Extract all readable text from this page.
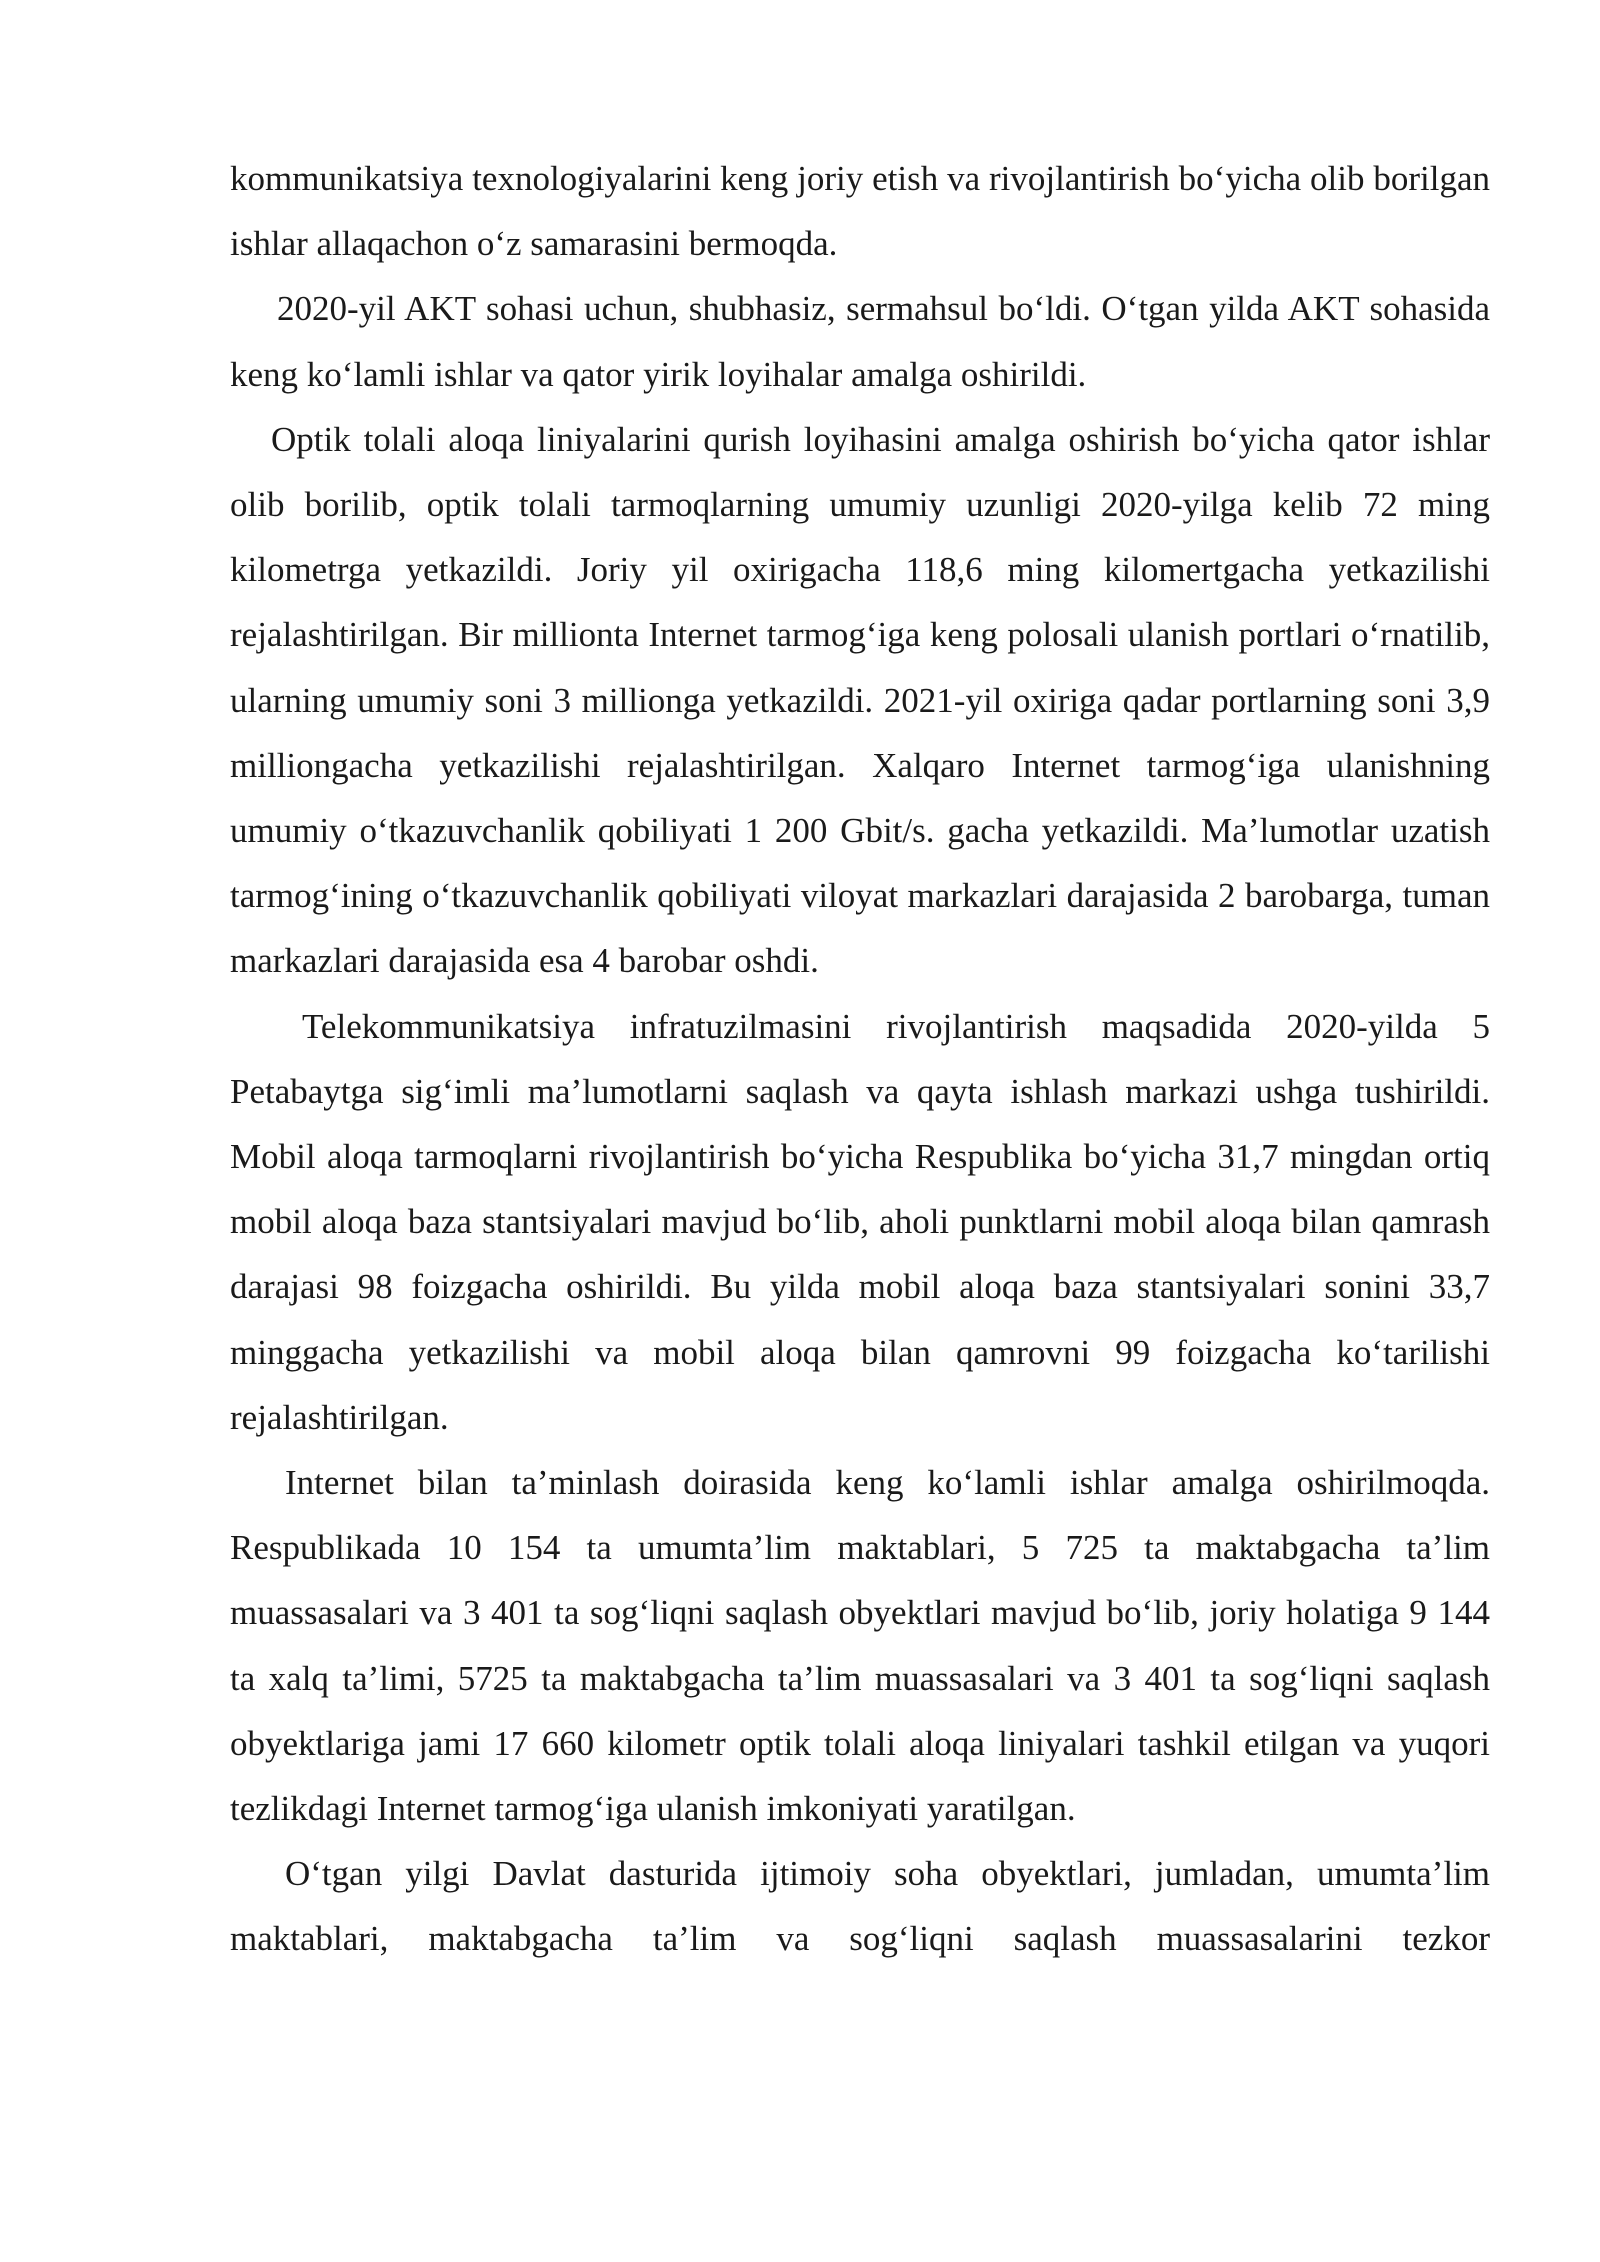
kommunikatsiya texnologiyalarini keng joriy etish va rivojlantirish bo‘yicha olib borilgan ishlar allaqachon o‘z samarasini bermoqda.

2020-yil AKT sohasi uchun, shubhasiz, sermahsul bo‘ldi. O‘tgan yilda AKT sohasida keng ko‘lamli ishlar va qator yirik loyihalar amalga oshirildi.

Optik tolali aloqa liniyalarini qurish loyihasini amalga oshirish bo‘yicha qator ishlar olib borilib, optik tolali tarmoqlarning umumiy uzunligi 2020-yilga kelib 72 ming kilometrga yetkazildi. Joriy yil oxirigacha 118,6 ming kilomertgacha yetkazilishi rejalashtirilgan. Bir millionta Internet tarmog‘iga keng polosali ulanish portlari o‘rnatilib, ularning umumiy soni 3 millionga yetkazildi. 2021-yil oxiriga qadar portlarning soni 3,9 milliongacha yetkazilishi rejalashtirilgan. Xalqaro Internet tarmog‘iga ulanishning umumiy o‘tkazuvchanlik qobiliyati 1 200 Gbit/s. gacha yetkazildi. Ma’lumotlar uzatish tarmog‘ining o‘tkazuvchanlik qobiliyati viloyat markazlari darajasida 2 barobarga, tuman markazlari darajasida esa 4 barobar oshdi.

Telekommunikatsiya infratuzilmasini rivojlantirish maqsadida 2020-yilda 5 Petabaytga sig‘imli ma’lumotlarni saqlash va qayta ishlash markazi ushga tushirildi. Mobil aloqa tarmoqlarni rivojlantirish bo‘yicha Respublika bo‘yicha 31,7 mingdan ortiq mobil aloqa baza stantsiyalari mavjud bo‘lib, aholi punktlarni mobil aloqa bilan qamrash darajasi 98 foizgacha oshirildi. Bu yilda mobil aloqa baza stantsiyalari sonini 33,7 minggacha yetkazilishi va mobil aloqa bilan qamrovni 99 foizgacha ko‘tarilishi rejalashtirilgan.

Internet bilan ta’minlash doirasida keng ko‘lamli ishlar amalga oshirilmoqda. Respublikada 10 154 ta umumta’lim maktablari, 5 725 ta maktabgacha ta’lim muassasalari va 3 401 ta sog‘liqni saqlash obyektlari mavjud bo‘lib, joriy holatiga 9 144 ta xalq ta’limi, 5725 ta maktabgacha ta’lim muassasalari va 3 401 ta sog‘liqni saqlash obyektlariga jami 17 660 kilometr optik tolali aloqa liniyalari tashkil etilgan va yuqori tezlikdagi Internet tarmog‘iga ulanish imkoniyati yaratilgan.

O‘tgan yilgi Davlat dasturida ijtimoiy soha obyektlari, jumladan, umumta’lim maktablari, maktabgacha ta’lim va sog‘liqni saqlash muassasalarini tezkor
